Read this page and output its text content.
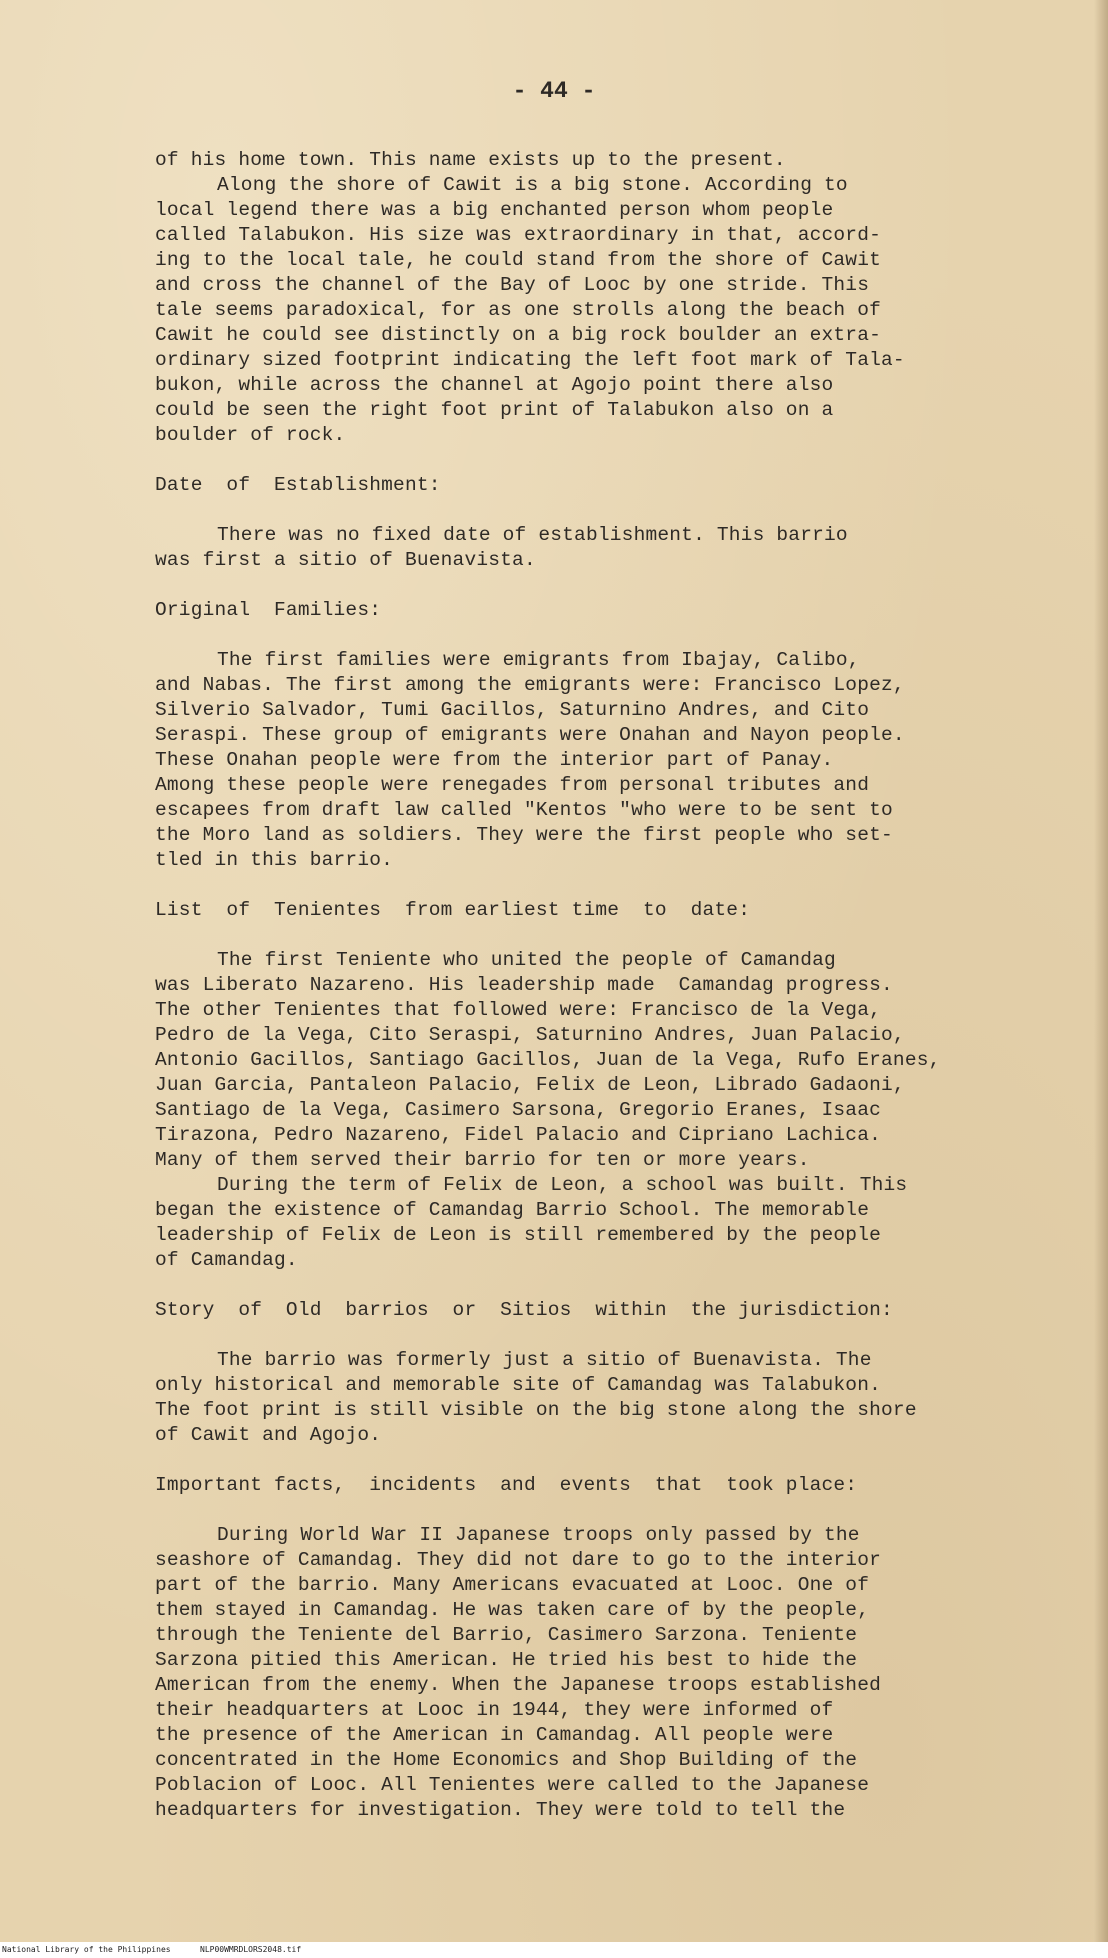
- 44 -
of his home town. This name exists up to the present.
Along the shore of Cawit is a big stone. According to
local legend there was a big enchanted person whom people
called Talabukon. His size was extraordinary in that, accord-
ing to the local tale, he could stand from the shore of Cawit
and cross the channel of the Bay of Looc by one stride. This
tale seems paradoxical, for as one strolls along the beach of
Cawit he could see distinctly on a big rock boulder an extra-
ordinary sized footprint indicating the left foot mark of Tala-
bukon, while across the channel at Agojo point there also
could be seen the right foot print of Talabukon also on a
boulder of rock.
Date  of  Establishment:
There was no fixed date of establishment. This barrio
was first a sitio of Buenavista.
Original  Families:
The first families were emigrants from Ibajay, Calibo,
and Nabas. The first among the emigrants were: Francisco Lopez,
Silverio Salvador, Tumi Gacillos, Saturnino Andres, and Cito
Seraspi. These group of emigrants were Onahan and Nayon people.
These Onahan people were from the interior part of Panay.
Among these people were renegades from personal tributes and
escapees from draft law called "Kentos "who were to be sent to
the Moro land as soldiers. They were the first people who set-
tled in this barrio.
List  of  Tenientes  from earliest time  to  date:
The first Teniente who united the people of Camandag
was Liberato Nazareno. His leadership made  Camandag progress.
The other Tenientes that followed were: Francisco de la Vega,
Pedro de la Vega, Cito Seraspi, Saturnino Andres, Juan Palacio,
Antonio Gacillos, Santiago Gacillos, Juan de la Vega, Rufo Eranes,
Juan Garcia, Pantaleon Palacio, Felix de Leon, Librado Gadaoni,
Santiago de la Vega, Casimero Sarsona, Gregorio Eranes, Isaac
Tirazona, Pedro Nazareno, Fidel Palacio and Cipriano Lachica.
Many of them served their barrio for ten or more years.
During the term of Felix de Leon, a school was built. This
began the existence of Camandag Barrio School. The memorable
leadership of Felix de Leon is still remembered by the people
of Camandag.
Story  of  Old  barrios  or  Sitios  within  the jurisdiction:
The barrio was formerly just a sitio of Buenavista. The
only historical and memorable site of Camandag was Talabukon.
The foot print is still visible on the big stone along the shore
of Cawit and Agojo.
Important facts,  incidents  and  events  that  took place:
During World War II Japanese troops only passed by the
seashore of Camandag. They did not dare to go to the interior
part of the barrio. Many Americans evacuated at Looc. One of
them stayed in Camandag. He was taken care of by the people,
through the Teniente del Barrio, Casimero Sarzona. Teniente
Sarzona pitied this American. He tried his best to hide the
American from the enemy. When the Japanese troops established
their headquarters at Looc in 1944, they were informed of
the presence of the American in Camandag. All people were
concentrated in the Home Economics and Shop Building of the
Poblacion of Looc. All Tenientes were called to the Japanese
headquarters for investigation. They were told to tell the
National Library of the Philippines	NLP00WMRDLORS2048.tif
